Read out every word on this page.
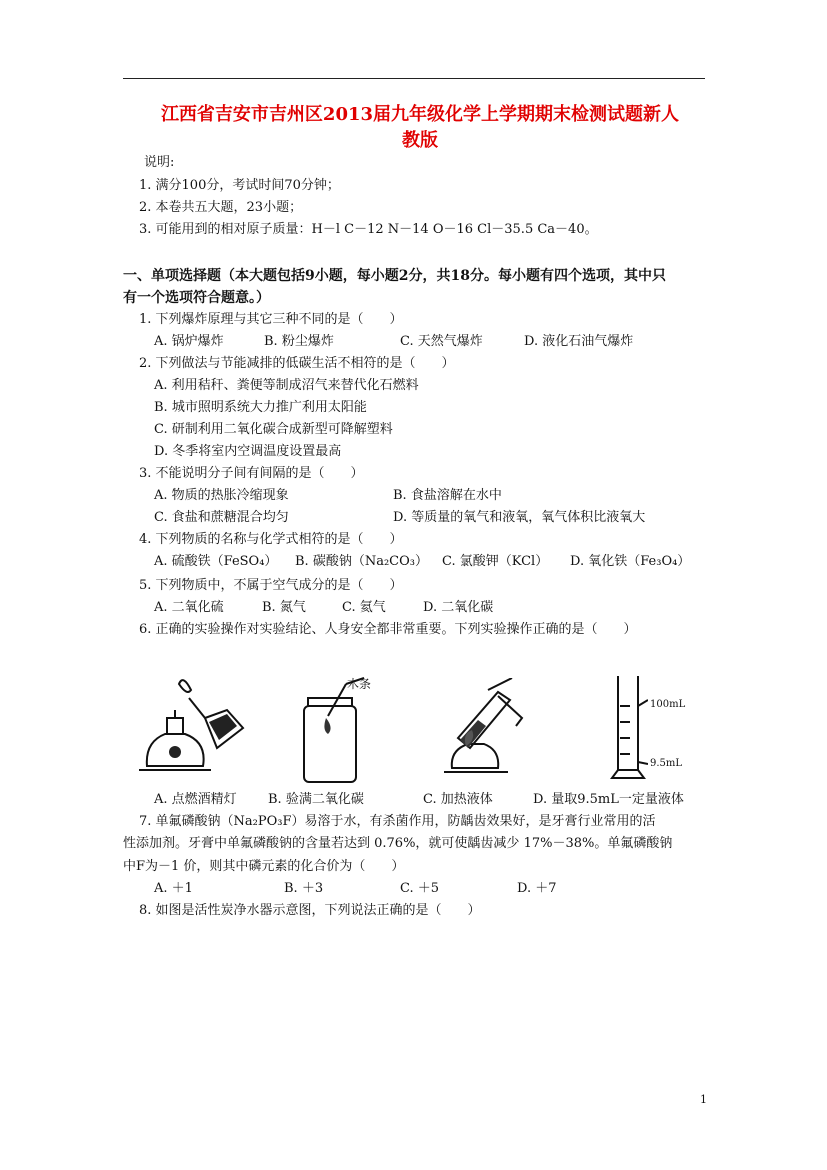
江西省吉安市吉州区2013届九年级化学上学期期末检测试题新人
教版
说明:
1. 满分100分，考试时间70分钟；
2. 本卷共五大题，23小题；
3. 可能用到的相对原子质量：H－l C－12 N－14 O－16 Cl－35.5 Ca－40。
一、单项选择题（本大题包括9小题，每小题2分，共18分。每小题有四个选项，其中只
有一个选项符合题意。）
1. 下列爆炸原理与其它三种不同的是（　　）
A. 锅炉爆炸	B. 粉尘爆炸	C. 天然气爆炸	D. 液化石油气爆炸
2. 下列做法与节能减排的低碳生活不相符的是（　　）
A. 利用秸秆、粪便等制成沼气来替代化石燃料
B. 城市照明系统大力推广利用太阳能
C. 研制利用二氧化碳合成新型可降解塑料
D. 冬季将室内空调温度设置最高
3. 不能说明分子间有间隔的是（　　）
A. 物质的热胀冷缩现象	B. 食盐溶解在水中
C. 食盐和蔗糖混合均匀	D. 等质量的氧气和液氧，氧气体积比液氧大
4. 下列物质的名称与化学式相符的是（　　）
A. 硫酸铁（FeSO₄） B. 碳酸钠（Na₂CO₃） C. 氯酸钾（KCl） D. 氧化铁（Fe₃O₄）
5. 下列物质中，不属于空气成分的是（　　）
A. 二氧化硫	B. 氮气	C. 氦气	D. 二氧化碳
6. 正确的实验操作对实验结论、人身安全都非常重要。下列实验操作正确的是（　　）
木条
100mL
9.5mL
A. 点燃酒精灯 B. 验满二氧化碳	C. 加热液体	D. 量取9.5mL一定量液体
7. 单氟磷酸钠（Na₂PO₃F）易溶于水，有杀菌作用，防龋齿效果好，是牙膏行业常用的活
性添加剂。牙膏中单氟磷酸钠的含量若达到 0.76%，就可使龋齿减少 17%－38%。单氟磷酸钠
中F为－1 价，则其中磷元素的化合价为（　　）
A. ＋1	B. ＋3	C. ＋5	D. ＋7
8. 如图是活性炭净水器示意图，下列说法正确的是（　　）
1
